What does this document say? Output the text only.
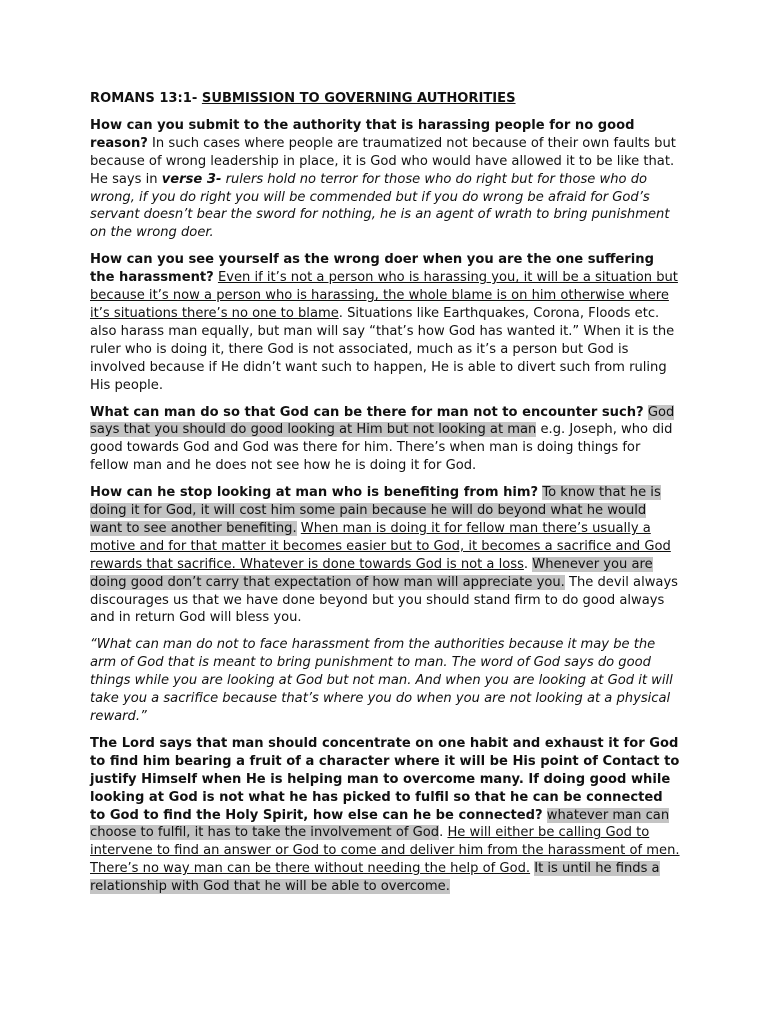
ROMANS 13:1- SUBMISSION TO GOVERNING AUTHORITIES

How can you submit to the authority that is harassing people for no good reason? In such cases where people are traumatized not because of their own faults but because of wrong leadership in place, it is God who would have allowed it to be like that. He says in verse 3- rulers hold no terror for those who do right but for those who do wrong, if you do right you will be commended but if you do wrong be afraid for God’s servant doesn’t bear the sword for nothing, he is an agent of wrath to bring punishment on the wrong doer.

How can you see yourself as the wrong doer when you are the one suffering the harassment? Even if it’s not a person who is harassing you, it will be a situation but because it’s now a person who is harassing, the whole blame is on him otherwise where it’s situations there’s no one to blame. Situations like Earthquakes, Corona, Floods etc. also harass man equally, but man will say “that’s how God has wanted it.” When it is the ruler who is doing it, there God is not associated, much as it’s a person but God is involved because if He didn’t want such to happen, He is able to divert such from ruling His people.

What can man do so that God can be there for man not to encounter such? God says that you should do good looking at Him but not looking at man e.g. Joseph, who did good towards God and God was there for him. There’s when man is doing things for fellow man and he does not see how he is doing it for God.

How can he stop looking at man who is benefiting from him? To know that he is doing it for God, it will cost him some pain because he will do beyond what he would want to see another benefiting. When man is doing it for fellow man there’s usually a motive and for that matter it becomes easier but to God, it becomes a sacrifice and God rewards that sacrifice. Whatever is done towards God is not a loss. Whenever you are doing good don’t carry that expectation of how man will appreciate you. The devil always discourages us that we have done beyond but you should stand firm to do good always and in return God will bless you.

“What can man do not to face harassment from the authorities because it may be the arm of God that is meant to bring punishment to man. The word of God says do good things while you are looking at God but not man. And when you are looking at God it will take you a sacrifice because that’s where you do when you are not looking at a physical reward.”

The Lord says that man should concentrate on one habit and exhaust it for God to find him bearing a fruit of a character where it will be His point of Contact to justify Himself when He is helping man to overcome many. If doing good while looking at God is not what he has picked to fulfil so that he can be connected to God to find the Holy Spirit, how else can he be connected? whatever man can choose to fulfil, it has to take the involvement of God. He will either be calling God to intervene to find an answer or God to come and deliver him from the harassment of men. There’s no way man can be there without needing the help of God. It is until he finds a relationship with God that he will be able to overcome.
